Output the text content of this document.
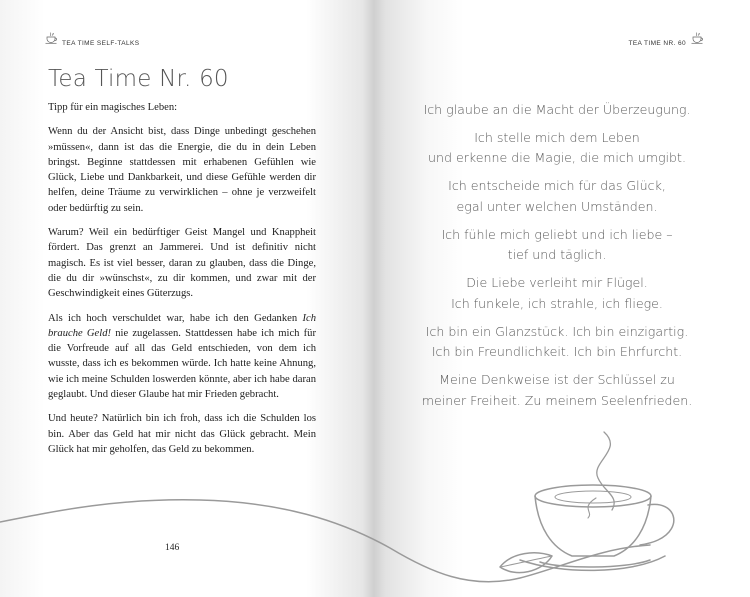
TEA TIME SELF-TALKS
Tea Time Nr. 60

Tipp für ein magisches Leben:

Wenn du der Ansicht bist, dass Dinge unbedingt geschehen »müssen«, dann ist das die Energie, die du in dein Leben bringst. Beginne stattdessen mit erhabenen Gefühlen wie Glück, Liebe und Dankbarkeit, und diese Gefühle werden dir helfen, deine Träume zu verwirklichen – ohne je verzweifelt oder bedürftig zu sein.

Warum? Weil ein bedürftiger Geist Mangel und Knappheit fördert. Das grenzt an Jammerei. Und ist definitiv nicht magisch. Es ist viel besser, daran zu glauben, dass die Dinge, die du dir »wünschst«, zu dir kommen, und zwar mit der Geschwindigkeit eines Güterzugs.

Als ich hoch verschuldet war, habe ich den Gedanken Ich brauche Geld! nie zugelassen. Stattdessen habe ich mich für die Vorfreude auf all das Geld entschieden, von dem ich wusste, dass ich es bekommen würde. Ich hatte keine Ahnung, wie ich meine Schulden loswerden könnte, aber ich habe daran geglaubt. Und dieser Glaube hat mir Frieden gebracht.

Und heute? Natürlich bin ich froh, dass ich die Schulden los bin. Aber das Geld hat mir nicht das Glück gebracht. Mein Glück hat mir geholfen, das Geld zu bekommen.

146
TEA TIME NR. 60

Ich glaube an die Macht der Überzeugung.

Ich stelle mich dem Leben
und erkenne die Magie, die mich umgibt.

Ich entscheide mich für das Glück,
egal unter welchen Umständen.

Ich fühle mich geliebt und ich liebe –
tief und täglich.

Die Liebe verleiht mir Flügel.
Ich funkele, ich strahle, ich fliege.

Ich bin ein Glanzstück. Ich bin einzigartig.
Ich bin Freundlichkeit. Ich bin Ehrfurcht.

Meine Denkweise ist der Schlüssel zu
meiner Freiheit. Zu meinem Seelenfrieden.
